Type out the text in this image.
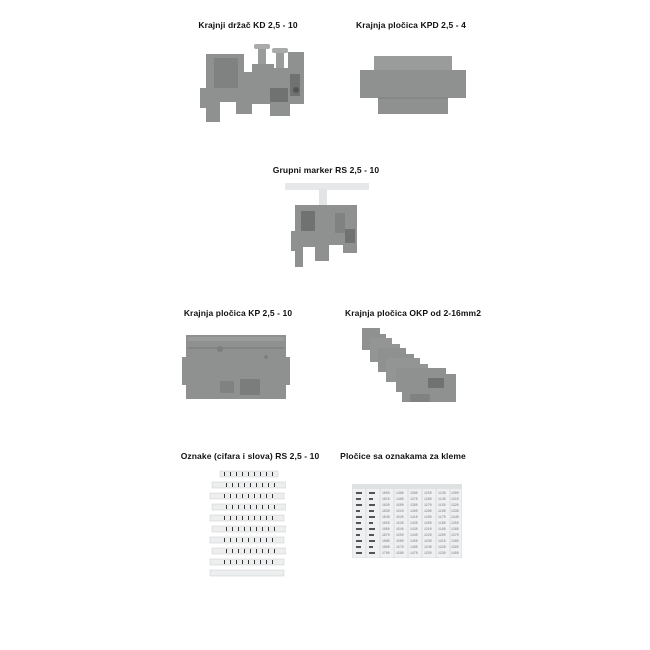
Krajnji držač KD 2,5 - 10	Krajnja pločica KPD 2,5 - 4
Grupni marker RS 2,5 - 10
Krajnja pločica KP 2,5 - 10	Krajnja pločica OKP od 2-16mm2
Oznake (cifara i slova) RS 2,5 - 10 Pločice sa oznakama za kleme
1600 1490 1380 1250 1130 1300
1610 1480 1370 1260 1140 1310
1620 1500 1390 1270 1150 1320
1630 1510 1400 1280 1160 1330
1640 1520 1410 1290 1170 1340
1650 1530 1420 1200 1180 1350
1660 1540 1430 1210 1190 1360
1670 1550 1440 1220 1200 1370
1680 1560 1450 1230 1210 1380
1690 1570 1460 1240 1220 1390
1700 1580 1470 1250 1230 1400
